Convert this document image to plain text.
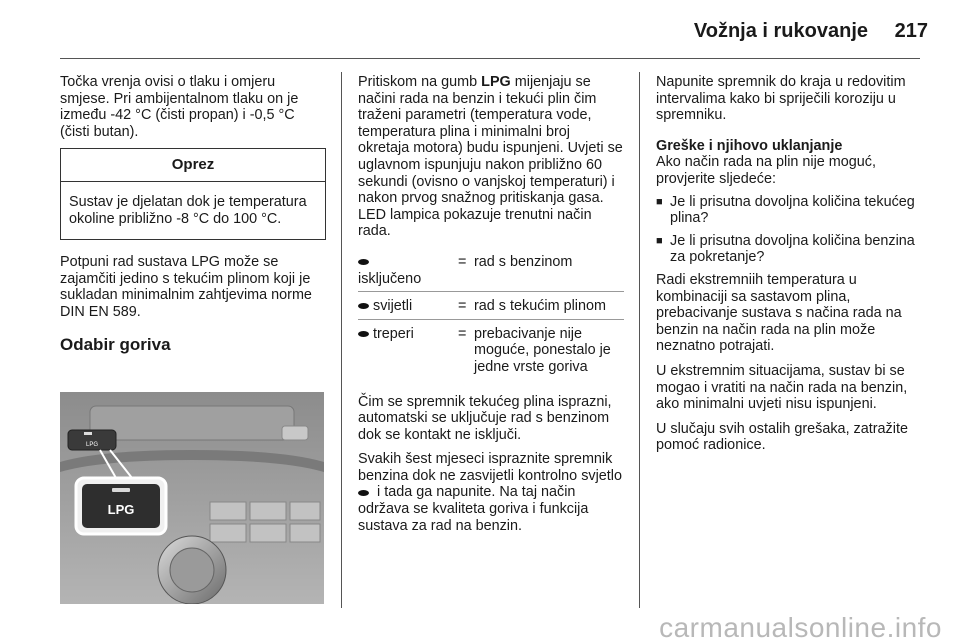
Vožnja i rukovanje	217

Točka vrenja ovisi o tlaku i omjeru smjese. Pri ambijentalnom tlaku on je između -42 °C (čisti propan) i -0,5 °C (čisti butan).

Oprez
Sustav je djelatan dok je temperatura okoline približno -8 °C do 100 °C.

Potpuni rad sustava LPG može se zajamčiti jedino s tekućim plinom koji je sukladan minimalnim zahtjevima norme DIN EN 589.

Odabir goriva

LPG
LPG

Pritiskom na gumb LPG mijenjaju se načini rada na benzin i tekući plin čim traženi parametri (temperatura vode, temperatura plina i minimalni broj okretaja motora) budu ispunjeni. Uvjeti se uglavnom ispunjuju nakon približno 60 sekundi (ovisno o vanjskoj temperaturi) i nakon prvog snažnog pritiskanja gasa. LED lampica pokazuje trenutni način rada.

isključeno	=	rad s benzinom
svijetli	=	rad s tekućim plinom
treperi	=	prebacivanje nije moguće, ponestalo je jedne vrste goriva

Čim se spremnik tekućeg plina isprazni, automatski se uključuje rad s benzinom dok se kontakt ne isključi.

Svakih šest mjeseci ispraznite spremnik benzina dok ne zasvijetli kontrolno svjetlo  i tada ga napunite. Na taj način održava se kvaliteta goriva i funkcija sustava za rad na benzin.

Napunite spremnik do kraja u redovitim intervalima kako bi spriječili koroziju u spremniku.

Greške i njihovo uklanjanje

Ako način rada na plin nije moguć, provjerite sljedeće:

■ Je li prisutna dovoljna količina tekućeg plina?
■ Je li prisutna dovoljna količina benzina za pokretanje?

Radi ekstremniih temperatura u kombinaciji sa sastavom plina, prebacivanje sustava s načina rada na benzin na način rada na plin može neznatno potrajati.

U ekstremnim situacijama, sustav bi se mogao i vratiti na način rada na benzin, ako minimalni uvjeti nisu ispunjeni.

U slučaju svih ostalih grešaka, zatražite pomoć radionice.

carmanualsonline.info
